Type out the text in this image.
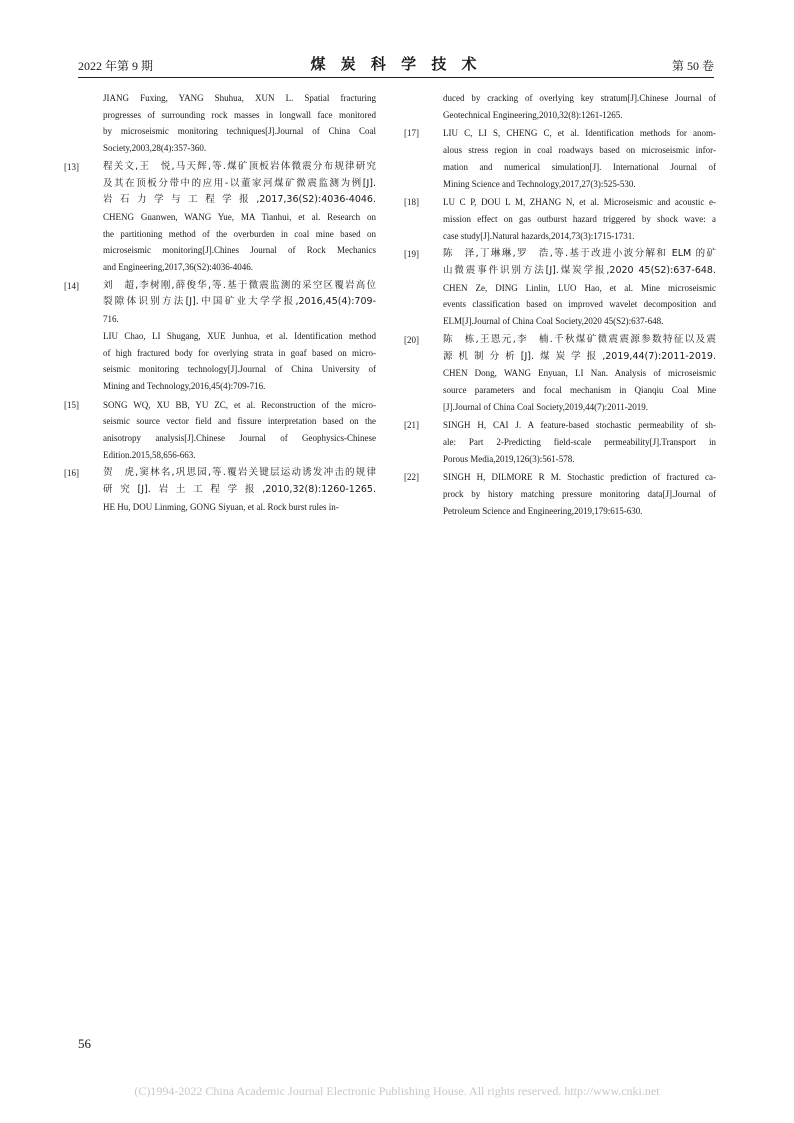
2022 年第 9 期	煤 炭 科 学 技 术	第 50 卷
JIANG Fuxing, YANG Shuhua, XUN L. Spatial fracturing
progresses of surrounding rock masses in longwall face monitored
by microseismic monitoring techniques[J].Journal of China Coal
Society,2003,28(4):357-360.
[13]	程关文,王　悦,马天辉,等.煤矿顶板岩体微震分布规律研究
及其在顶板分带中的应用-以董家河煤矿微震监测为例[J].
岩石力学与工程学报,2017,36(S2):4036-4046.
CHENG Guanwen, WANG Yue, MA Tianhui, et al. Research on
the partitioning method of the overburden in coal mine based on
microseismic monitoring[J].Chines Journal of Rock Mechanics
and Engineering,2017,36(S2):4036-4046.
[14]	刘　超,李树刚,薛俊华,等.基于微震监测的采空区覆岩高位
裂隙体识别方法[J].中国矿业大学学报,2016,45(4):709-
716.
LIU Chao, LI Shugang, XUE Junhua, et al. Identification method
of high fractured body for overlying strata in goaf based on micro-
seismic monitoring technology[J].Journal of China University of
Mining and Technology,2016,45(4):709-716.
[15]	SONG WQ, XU BB, YU ZC, et al. Reconstruction of the micro-
seismic source vector field and fissure interpretation based on the
anisotropy analysis[J].Chinese Journal of Geophysics-Chinese
Edition.2015,58,656-663.
[16]	贺　虎,窦林名,巩思园,等.覆岩关键层运动诱发冲击的规律
研究[J].岩土工程学报,2010,32(8):1260-1265.
HE Hu, DOU Linming, GONG Siyuan, et al. Rock burst rules in-
duced by cracking of overlying key stratum[J].Chinese Journal of
Geotechnical Engineering,2010,32(8):1261-1265.
[17]	LIU C, LI S, CHENG C, et al. Identification methods for anom-
alous stress region in coal roadways based on microseismic infor-
mation and numerical simulation[J]. International Journal of
Mining Science and Technology,2017,27(3):525-530.
[18]	LU C P, DOU L M, ZHANG N, et al. Microseismic and acoustic e-
mission effect on gas outburst hazard triggered by shock wave: a
case study[J].Natural hazards,2014,73(3):1715-1731.
[19]	陈　泽,丁琳琳,罗　浩,等.基于改进小波分解和 ELM 的矿
山微震事件识别方法[J].煤炭学报,2020 45(S2):637-648.
CHEN Ze, DING Linlin, LUO Hao, et al. Mine microseismic
events classification based on improved wavelet decomposition and
ELM[J].Journal of China Coal Society,2020 45(S2):637-648.
[20]	陈　栋,王恩元,李　楠.千秋煤矿微震震源参数特征以及震
源机制分析[J].煤炭学报,2019,44(7):2011-2019.
CHEN Dong, WANG Enyuan, LI Nan. Analysis of microseismic
source parameters and focal mechanism in Qianqiu Coal Mine
[J].Journal of China Coal Society,2019,44(7):2011-2019.
[21]	SINGH H, CAI J. A feature-based stochastic permeability of sh-
ale: Part 2-Predicting field-scale permeability[J].Transport in
Porous Media,2019,126(3):561-578.
[22]	SINGH H, DILMORE R M. Stochastic prediction of fractured ca-
prock by history matching pressure monitoring data[J].Journal of
Petroleum Science and Engineering,2019,179:615-630.
56
(C)1994-2022 China Academic Journal Electronic Publishing House. All rights reserved. http://www.cnki.net
